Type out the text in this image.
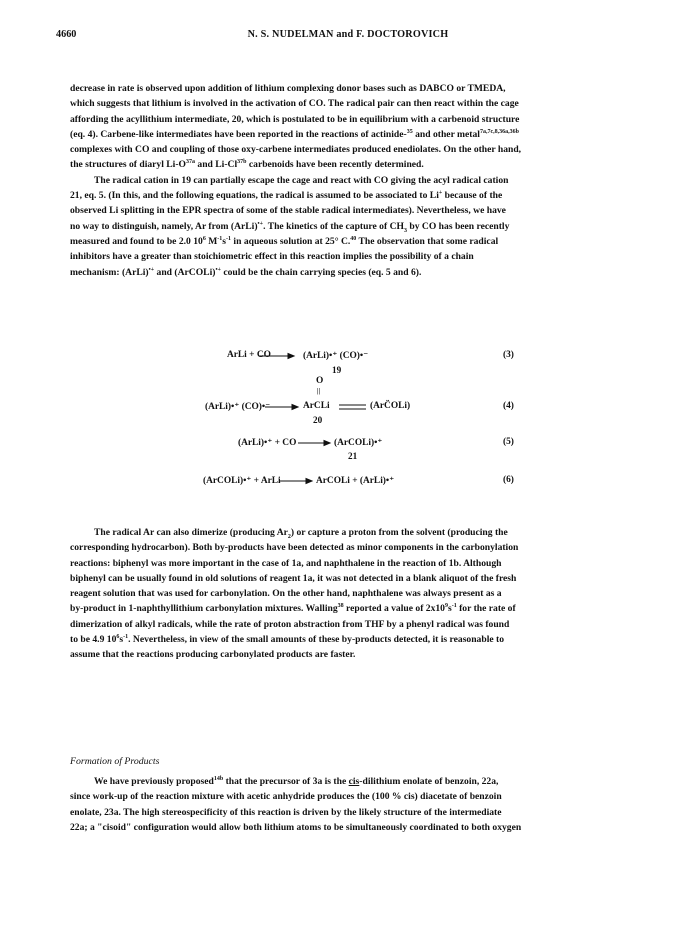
4660	N. S. NUDELMAN and F. DOCTOROVICH

decrease in rate is observed upon addition of lithium complexing donor bases such as DABCO or TMEDA,

which suggests that lithium is involved in the activation of CO. The radical pair can then react within the cage

affording the acyllithium intermediate, 20, which is postulated to be in equilibrium with a carbenoid structure

(eq. 4). Carbene-like intermediates have been reported in the reactions of actinide-$^{35}$ and other metal$^{7a,7c,8,36a,36b}$

complexes with CO and coupling of those oxy-carbene intermediates produced enediolates. On the other hand,

the structures of diaryl $Li-O^{37a}$ and $Li-Cl^{37b}$ carbenoids have been recently determined.

The radical cation in 19 can partially escape the cage and react with CO giving the acyl radical cation

21, eq. 5. (In this, and the following equations, the radical is assumed to be associated to Li+ because of the

observed Li splitting in the EPR spectra of some of the stable radical intermediates). Nevertheless, we have

no way to distinguish, namely, Ar from (ArLi)•+. The kinetics of the capture of $CH_3$ by CO has been recently

measured and found to be 2.0 $10^6$ $M^{-1}s^{-1}$ in aqueous solution at 25° C.$^{40}$ The observation that some radical

inhibitors have a greater than stoichiometric effect in this reaction implies the possibility of a chain

mechanism: (ArLi)•+ and (ArCOLi)•+ could be the chain carrying species (eq. 5 and 6).

ArLi + CO	(ArLi)•⁺ (CO)•⁻
19
(3)
O
||
(ArLi)•⁺ (CO)•⁻	ArCLi	(ArC̈OLi)
20
(4)
(ArLi)•⁺ + CO	(ArCOLi)•⁺
21
(5)
(ArCOLi)•⁺ + ArLi	ArCOLi + (ArLi)•⁺	(6)

The radical Ar can also dimerize (producing $Ar_2$) or capture a proton from the solvent (producing the

corresponding hydrocarbon). Both by-products have been detected as minor components in the carbonylation

reactions: biphenyl was more important in the case of 1a, and naphthalene in the reaction of 1b. Although

biphenyl can be usually found in old solutions of reagent 1a, it was not detected in a blank aliquot of the fresh

reagent solution that was used for carbonylation. On the other hand, naphthalene was always present as a

by-product in 1-naphthyllithium carbonylation mixtures. Walling$^{38}$ reported a value of $2x10^9s^{-1}$ for the rate of

dimerization of alkyl radicals, while the rate of proton abstraction from THF by a phenyl radical was found

to be 4.9 $10^6s^{-1}$. Nevertheless, in view of the small amounts of these by-products detected, it is reasonable to

assume that the reactions producing carbonylated products are faster.

Formation of Products

We have previously proposed$^{14b}$ that the precursor of 3a is the cis-dilithium enolate of benzoin, 22a,

since work-up of the reaction mixture with acetic anhydride produces the (100 % cis) diacetate of benzoin

enolate, 23a. The high stereospecificity of this reaction is driven by the likely structure of the intermediate

22a; a "cisoid" configuration would allow both lithium atoms to be simultaneously coordinated to both oxygen
